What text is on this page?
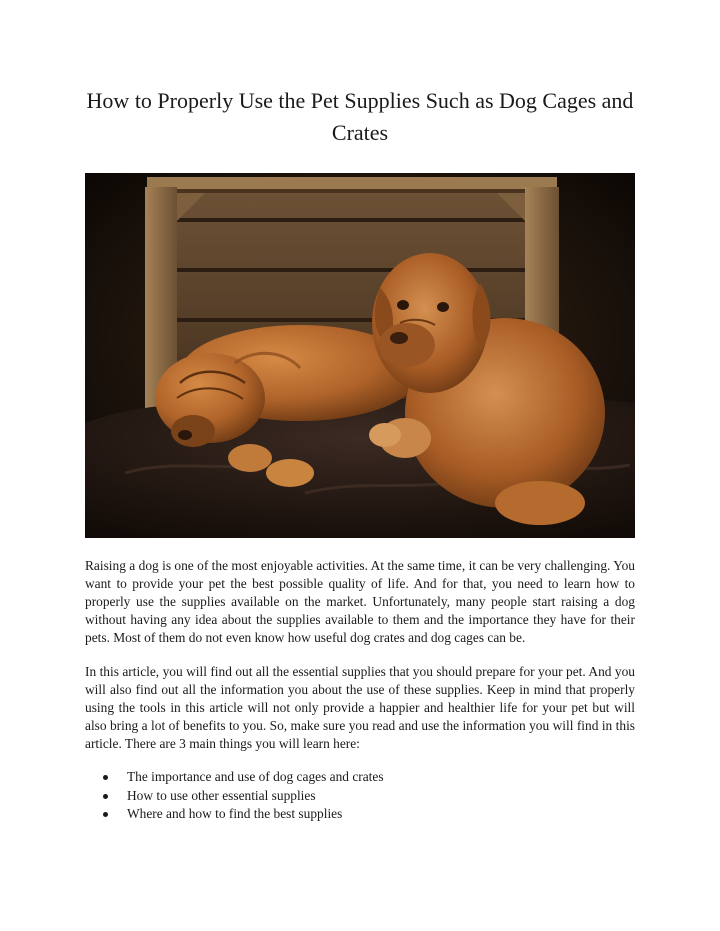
How to Properly Use the Pet Supplies Such as Dog Cages and Crates

Raising a dog is one of the most enjoyable activities. At the same time, it can be very challenging. You want to provide your pet the best possible quality of life. And for that, you need to learn how to properly use the supplies available on the market. Unfortunately, many people start raising a dog without having any idea about the supplies available to them and the importance they have for their pets. Most of them do not even know how useful dog crates and dog cages can be.

In this article, you will find out all the essential supplies that you should prepare for your pet. And you will also find out all the information you about the use of these supplies. Keep in mind that properly using the tools in this article will not only provide a happier and healthier life for your pet but will also bring a lot of benefits to you. So, make sure you read and use the information you will find in this article. There are 3 main things you will learn here:

The importance and use of dog cages and crates
How to use other essential supplies
Where and how to find the best supplies
